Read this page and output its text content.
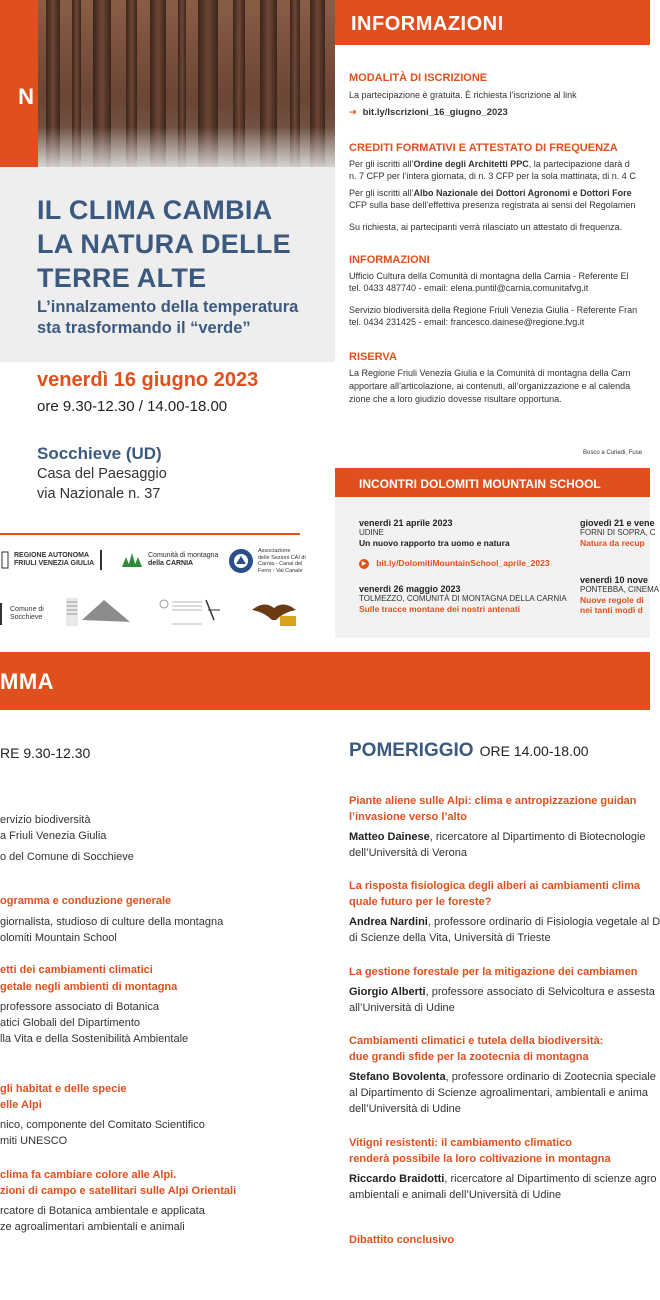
N
IL CLIMA CAMBIA
LA NATURA DELLE
TERRE ALTE
L’innalzamento della temperatura
sta trasformando il “verde”
venerdì 16 giugno 2023
ore 9.30-12.30 / 14.00-18.00
Socchieve (UD)
Casa del Paesaggio
via Nazionale n. 37
REGIONE AUTONOMA
FRIULI VENEZIA GIULIA
Comunità di montagna
della CARNIA
Associazione
delle Sezioni CAI di
Carnia - Canal del
Ferro - Val Canale
Comune di
Socchieve
INFORMAZIONI
MODALITÀ DI ISCRIZIONE
La partecipazione è gratuita. È richiesta l’iscrizione al link
➜ bit.ly/Iscrizioni_16_giugno_2023
CREDITI FORMATIVI E ATTESTATO DI FREQUENZA
Per gli iscritti all’Ordine degli Architetti PPC, la partecipazione darà d
n. 7 CFP per l’intera giornata, di n. 3 CFP per la sola mattinata, di n. 4 C
Per gli iscritti all’Albo Nazionale dei Dottori Agronomi e Dottori Fore
CFP sulla base dell’effettiva presenza registrata ai sensi del Regolamen
Su richiesta, ai partecipanti verrà rilasciato un attestato di frequenza.
INFORMAZIONI
Ufficio Cultura della Comunità di montagna della Carnia - Referente El
tel. 0433 487740 - email: elena.puntil@carnia.comunitafvg.it
Servizio biodiversità della Regione Friuli Venezia Giulia - Referente Fran
tel. 0434 231425 - email: francesco.dainese@regione.fvg.it
RISERVA
La Regione Friuli Venezia Giulia e la Comunità di montagna della Carn
apportare all’articolazione, ai contenuti, all’organizzazione e al calenda
zione che a loro giudizio dovesse risultare opportuna.
Bosco a Curiedi, Fuse
INCONTRI DOLOMITI MOUNTAIN SCHOOL
venerdì 21 aprile 2023
UDINE
Un nuovo rapporto tra uomo e natura
▶ bit.ly/DolomitiMountainSchool_aprile_2023
venerdì 26 maggio 2023
TOLMEZZO, COMUNITÀ DI MONTAGNA DELLA CARNIA
Sulle tracce montane dei nostri antenati
giovedì 21 e vene
FORNI DI SOPRA, C
Natura da recup
venerdì 10 nove
PONTEBBA, CINEMA
Nuove regole di
nei tanti modi d
MMA
RE 9.30-12.30	POMERIGGIO ORE 14.00-18.00
ervizio biodiversità
a Friuli Venezia Giulia
o del Comune di Socchieve
ogramma e conduzione generale
giornalista, studioso di culture della montagna
olomiti Mountain School
etti dei cambiamenti climatici
getale negli ambienti di montagna
professore associato di Botanica
atici Globali del Dipartimento
lla Vita e della Sostenibilità Ambientale
gli habitat e delle specie
elle Alpi
nico, componente del Comitato Scientifico
miti UNESCO
clima fa cambiare colore alle Alpi.
zioni di campo e satellitari sulle Alpi Orientali
rcatore di Botanica ambientale e applicata
ze agroalimentari ambientali e animali
Piante aliene sulle Alpi: clima e antropizzazione guidan
l’invasione verso l’alto
Matteo Dainese, ricercatore al Dipartimento di Biotecnologie
dell’Università di Verona
La risposta fisiologica degli alberi ai cambiamenti clima
quale futuro per le foreste?
Andrea Nardini, professore ordinario di Fisiologia vegetale al D
di Scienze della Vita, Università di Trieste
La gestione forestale per la mitigazione dei cambiamen
Giorgio Alberti, professore associato di Selvicoltura e assesta
all’Università di Udine
Cambiamenti climatici e tutela della biodiversità:
due grandi sfide per la zootecnia di montagna
Stefano Bovolenta, professore ordinario di Zootecnia speciale
al Dipartimento di Scienze agroalimentari, ambientali e anima
dell’Università di Udine
Vitigni resistenti: il cambiamento climatico
renderà possibile la loro coltivazione in montagna
Riccardo Braidotti, ricercatore al Dipartimento di scienze agro
ambientali e animali dell’Università di Udine
Dibattito conclusivo
